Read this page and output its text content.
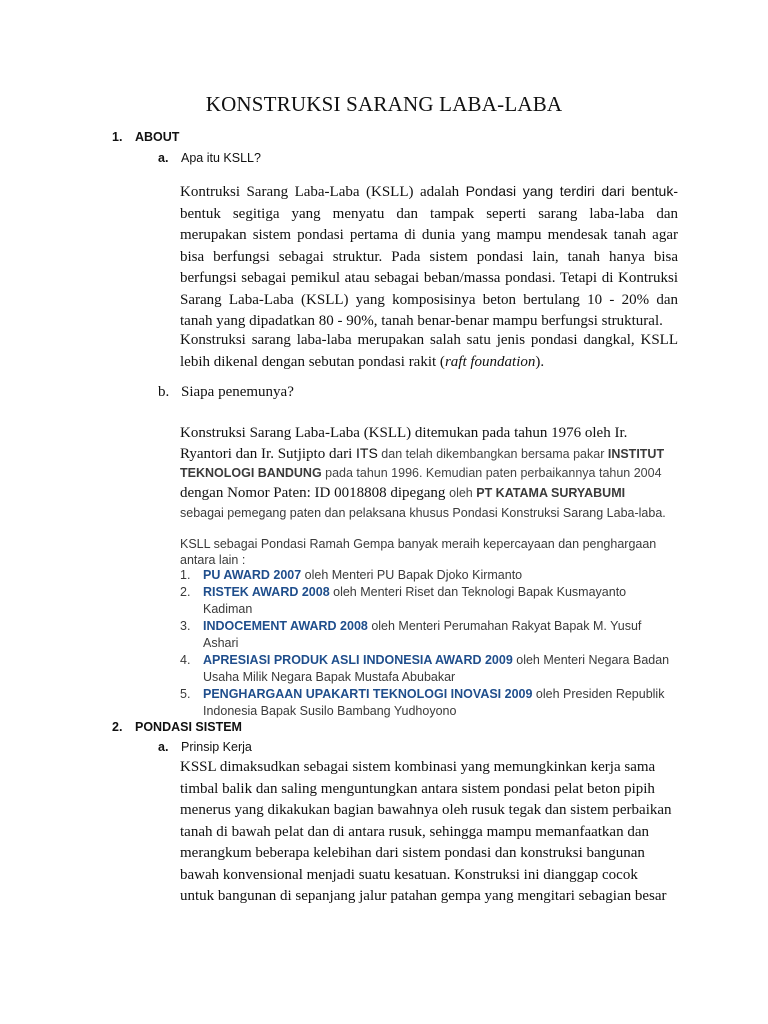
KONSTRUKSI SARANG LABA-LABA
1. ABOUT
a. Apa itu KSLL?
Kontruksi Sarang Laba-Laba (KSLL) adalah Pondasi yang terdiri dari bentuk-
bentuk segitiga yang menyatu dan tampak seperti sarang laba-laba dan
merupakan sistem pondasi pertama di dunia yang mampu mendesak tanah agar
bisa berfungsi sebagai struktur. Pada sistem pondasi lain, tanah hanya bisa
berfungsi sebagai pemikul atau sebagai beban/massa pondasi. Tetapi di Kontruksi
Sarang Laba-Laba (KSLL) yang komposisinya beton bertulang 10 - 20% dan
tanah yang dipadatkan 80 - 90%, tanah benar-benar mampu berfungsi struktural.
Konstruksi sarang laba-laba merupakan salah satu jenis pondasi dangkal, KSLL
lebih dikenal dengan sebutan pondasi rakit (raft foundation).
b. Siapa penemunya?
Konstruksi Sarang Laba-Laba (KSLL) ditemukan pada tahun 1976 oleh Ir.
Ryantori dan Ir. Sutjipto dari ITS dan telah dikembangkan bersama pakar INSTITUT
TEKNOLOGI BANDUNG pada tahun 1996. Kemudian paten perbaikannya tahun 2004
dengan Nomor Paten: ID 0018808 dipegang oleh PT KATAMA SURYABUMI
sebagai pemegang paten dan pelaksana khusus Pondasi Konstruksi Sarang Laba-laba.
KSLL sebagai Pondasi Ramah Gempa banyak meraih kepercayaan dan penghargaan
antara lain :
1. PU AWARD 2007 oleh Menteri PU Bapak Djoko Kirmanto
2. RISTEK AWARD 2008 oleh Menteri Riset dan Teknologi Bapak Kusmayanto
Kadiman
3. INDOCEMENT AWARD 2008 oleh Menteri Perumahan Rakyat Bapak M. Yusuf
Ashari
4. APRESIASI PRODUK ASLI INDONESIA AWARD 2009 oleh Menteri Negara Badan
Usaha Milik Negara Bapak Mustafa Abubakar
5. PENGHARGAAN UPAKARTI TEKNOLOGI INOVASI 2009 oleh Presiden Republik
Indonesia Bapak Susilo Bambang Yudhoyono
2. PONDASI SISTEM
a. Prinsip Kerja
KSSL dimaksudkan sebagai sistem kombinasi yang memungkinkan kerja sama
timbal balik dan saling menguntungkan antara sistem pondasi pelat beton pipih
menerus yang dikakukan bagian bawahnya oleh rusuk tegak dan sistem perbaikan
tanah di bawah pelat dan di antara rusuk, sehingga mampu memanfaatkan dan
merangkum beberapa kelebihan dari sistem pondasi dan konstruksi bangunan
bawah konvensional menjadi suatu kesatuan. Konstruksi ini dianggap cocok
untuk bangunan di sepanjang jalur patahan gempa yang mengitari sebagian besar
